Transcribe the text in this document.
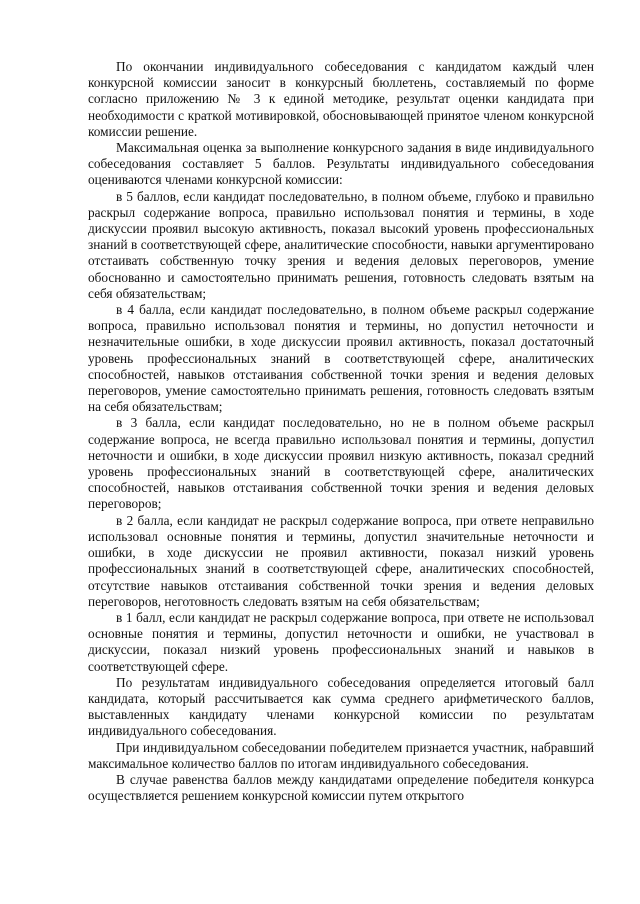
По окончании индивидуального собеседования с кандидатом каждый член конкурсной комиссии заносит в конкурсный бюллетень, составляемый по форме согласно приложению № 3 к единой методике, результат оценки кандидата при необходимости с краткой мотивировкой, обосновывающей принятое членом конкурсной комиссии решение.

Максимальная оценка за выполнение конкурсного задания в виде индивидуального собеседования составляет 5 баллов. Результаты индивидуального собеседования оцениваются членами конкурсной комиссии:

в 5 баллов, если кандидат последовательно, в полном объеме, глубоко и правильно раскрыл содержание вопроса, правильно использовал понятия и термины, в ходе дискуссии проявил высокую активность, показал высокий уровень профессиональных знаний в соответствующей сфере, аналитические способности, навыки аргументировано отстаивать собственную точку зрения и ведения деловых переговоров, умение обоснованно и самостоятельно принимать решения, готовность следовать взятым на себя обязательствам;

в 4 балла, если кандидат последовательно, в полном объеме раскрыл содержание вопроса, правильно использовал понятия и термины, но допустил неточности и незначительные ошибки, в ходе дискуссии проявил активность, показал достаточный уровень профессиональных знаний в соответствующей сфере, аналитических способностей, навыков отстаивания собственной точки зрения и ведения деловых переговоров, умение самостоятельно принимать решения, готовность следовать взятым на себя обязательствам;

в 3 балла, если кандидат последовательно, но не в полном объеме раскрыл содержание вопроса, не всегда правильно использовал понятия и термины, допустил неточности и ошибки, в ходе дискуссии проявил низкую активность, показал средний уровень профессиональных знаний в соответствующей сфере, аналитических способностей, навыков отстаивания собственной точки зрения и ведения деловых переговоров;

в 2 балла, если кандидат не раскрыл содержание вопроса, при ответе неправильно использовал основные понятия и термины, допустил значительные неточности и ошибки, в ходе дискуссии не проявил активности, показал низкий уровень профессиональных знаний в соответствующей сфере, аналитических способностей, отсутствие навыков отстаивания собственной точки зрения и ведения деловых переговоров, неготовность следовать взятым на себя обязательствам;

в 1 балл, если кандидат не раскрыл содержание вопроса, при ответе не использовал основные понятия и термины, допустил неточности и ошибки, не участвовал в дискуссии, показал низкий уровень профессиональных знаний и навыков в соответствующей сфере.

По результатам индивидуального собеседования определяется итоговый балл кандидата, который рассчитывается как сумма среднего арифметического баллов, выставленных кандидату членами конкурсной комиссии по результатам индивидуального собеседования.

При индивидуальном собеседовании победителем признается участник, набравший максимальное количество баллов по итогам индивидуального собеседования.

В случае равенства баллов между кандидатами определение победителя конкурса осуществляется решением конкурсной комиссии путем открытого
